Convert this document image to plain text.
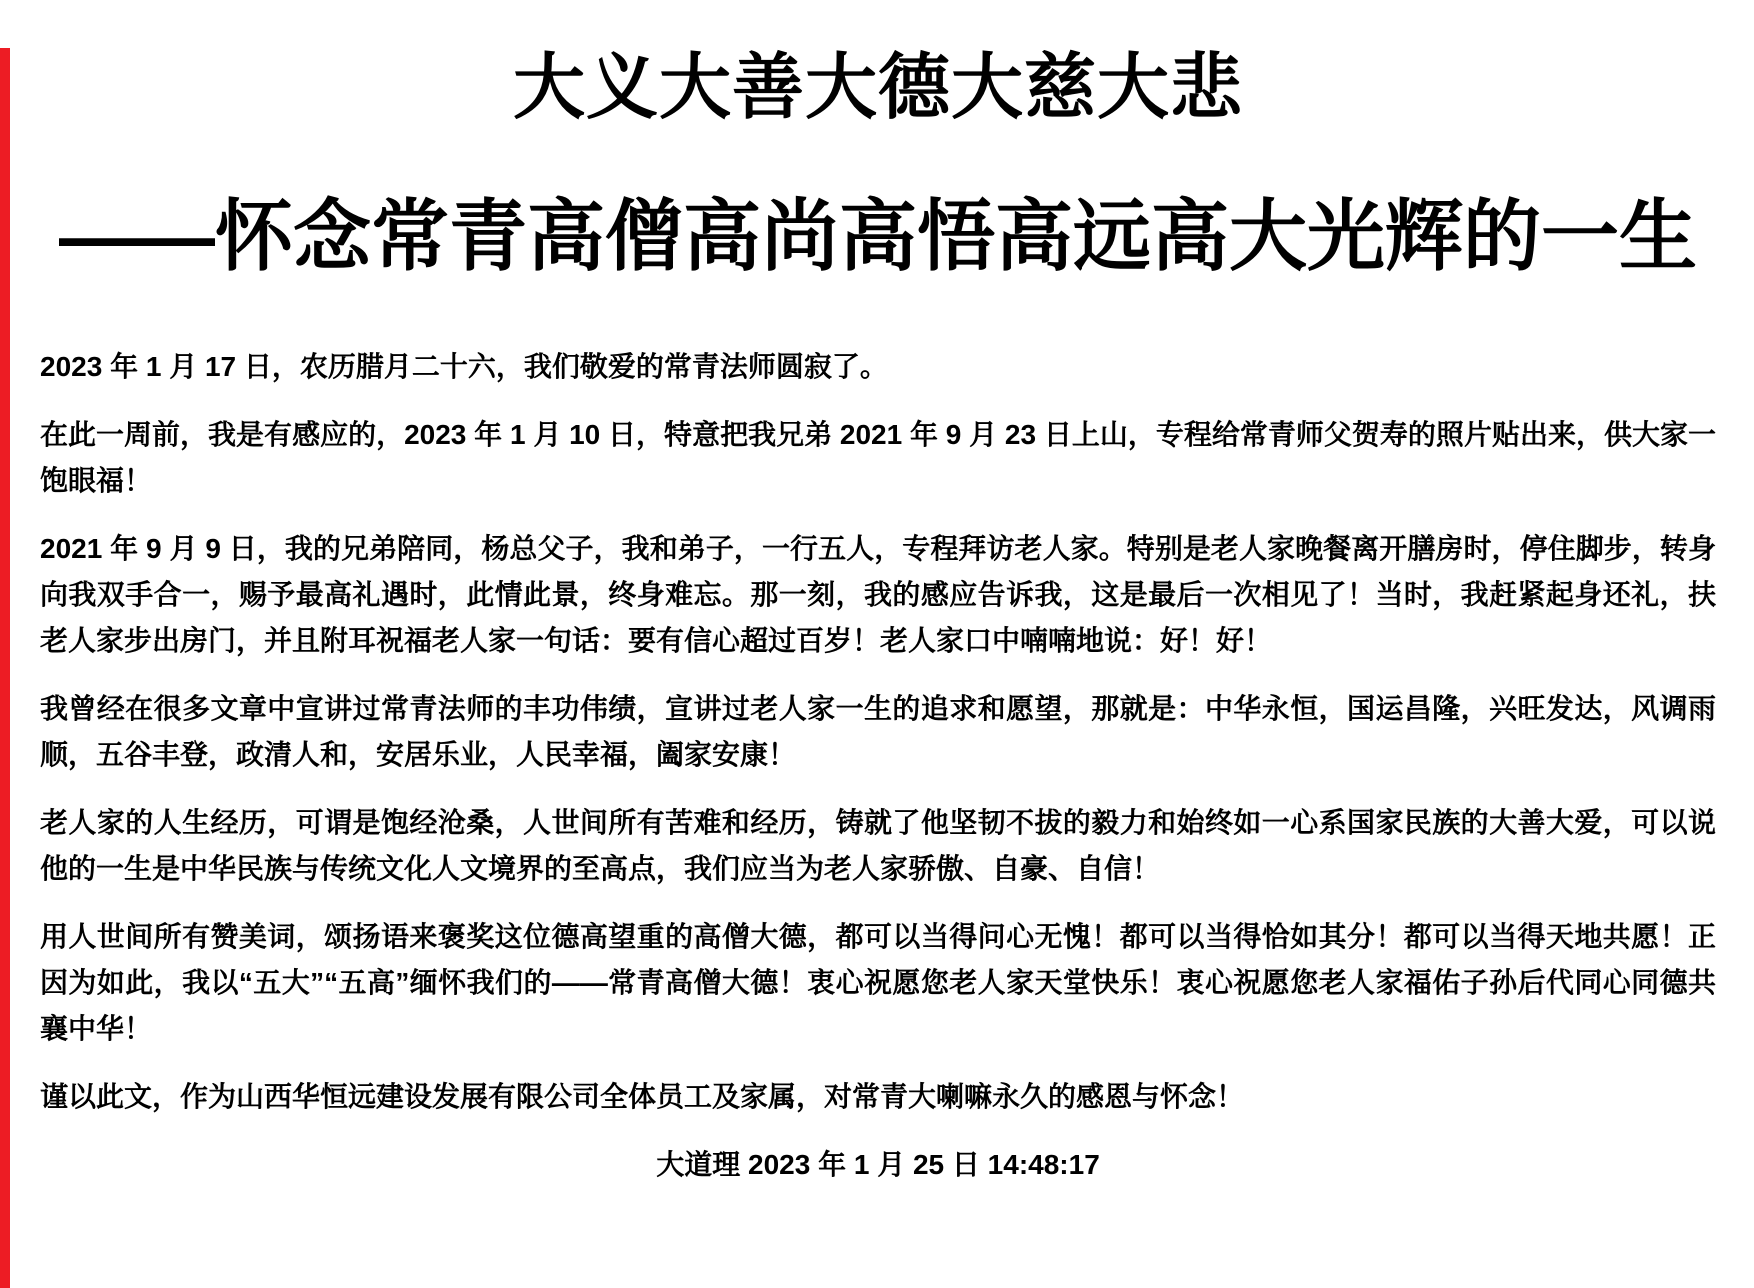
大义大善大德大慈大悲
——怀念常青高僧高尚高悟高远高大光辉的一生

2023 年 1 月 17 日，农历腊月二十六，我们敬爱的常青法师圆寂了。

在此一周前，我是有感应的，2023 年 1 月 10 日，特意把我兄弟 2021 年 9 月 23 日上山，专程给常青师父贺寿的照片贴出来，供大家一饱眼福！

2021 年 9 月 9 日，我的兄弟陪同，杨总父子，我和弟子，一行五人，专程拜访老人家。特别是老人家晚餐离开膳房时，停住脚步，转身向我双手合一，赐予最高礼遇时，此情此景，终身难忘。那一刻，我的感应告诉我，这是最后一次相见了！当时，我赶紧起身还礼，扶老人家步出房门，并且附耳祝福老人家一句话：要有信心超过百岁！老人家口中喃喃地说：好！好！

我曾经在很多文章中宣讲过常青法师的丰功伟绩，宣讲过老人家一生的追求和愿望，那就是：中华永恒，国运昌隆，兴旺发达，风调雨顺，五谷丰登，政清人和，安居乐业，人民幸福，阖家安康！

老人家的人生经历，可谓是饱经沧桑，人世间所有苦难和经历，铸就了他坚韧不拔的毅力和始终如一心系国家民族的大善大爱，可以说他的一生是中华民族与传统文化人文境界的至高点，我们应当为老人家骄傲、自豪、自信！

用人世间所有赞美词，颂扬语来褒奖这位德高望重的高僧大德，都可以当得问心无愧！都可以当得恰如其分！都可以当得天地共愿！正因为如此，我以“五大”“五高”缅怀我们的——常青高僧大德！衷心祝愿您老人家天堂快乐！衷心祝愿您老人家福佑子孙后代同心同德共襄中华！

谨以此文，作为山西华恒远建设发展有限公司全体员工及家属，对常青大喇嘛永久的感恩与怀念！

大道理 2023 年 1 月 25 日 14:48:17
